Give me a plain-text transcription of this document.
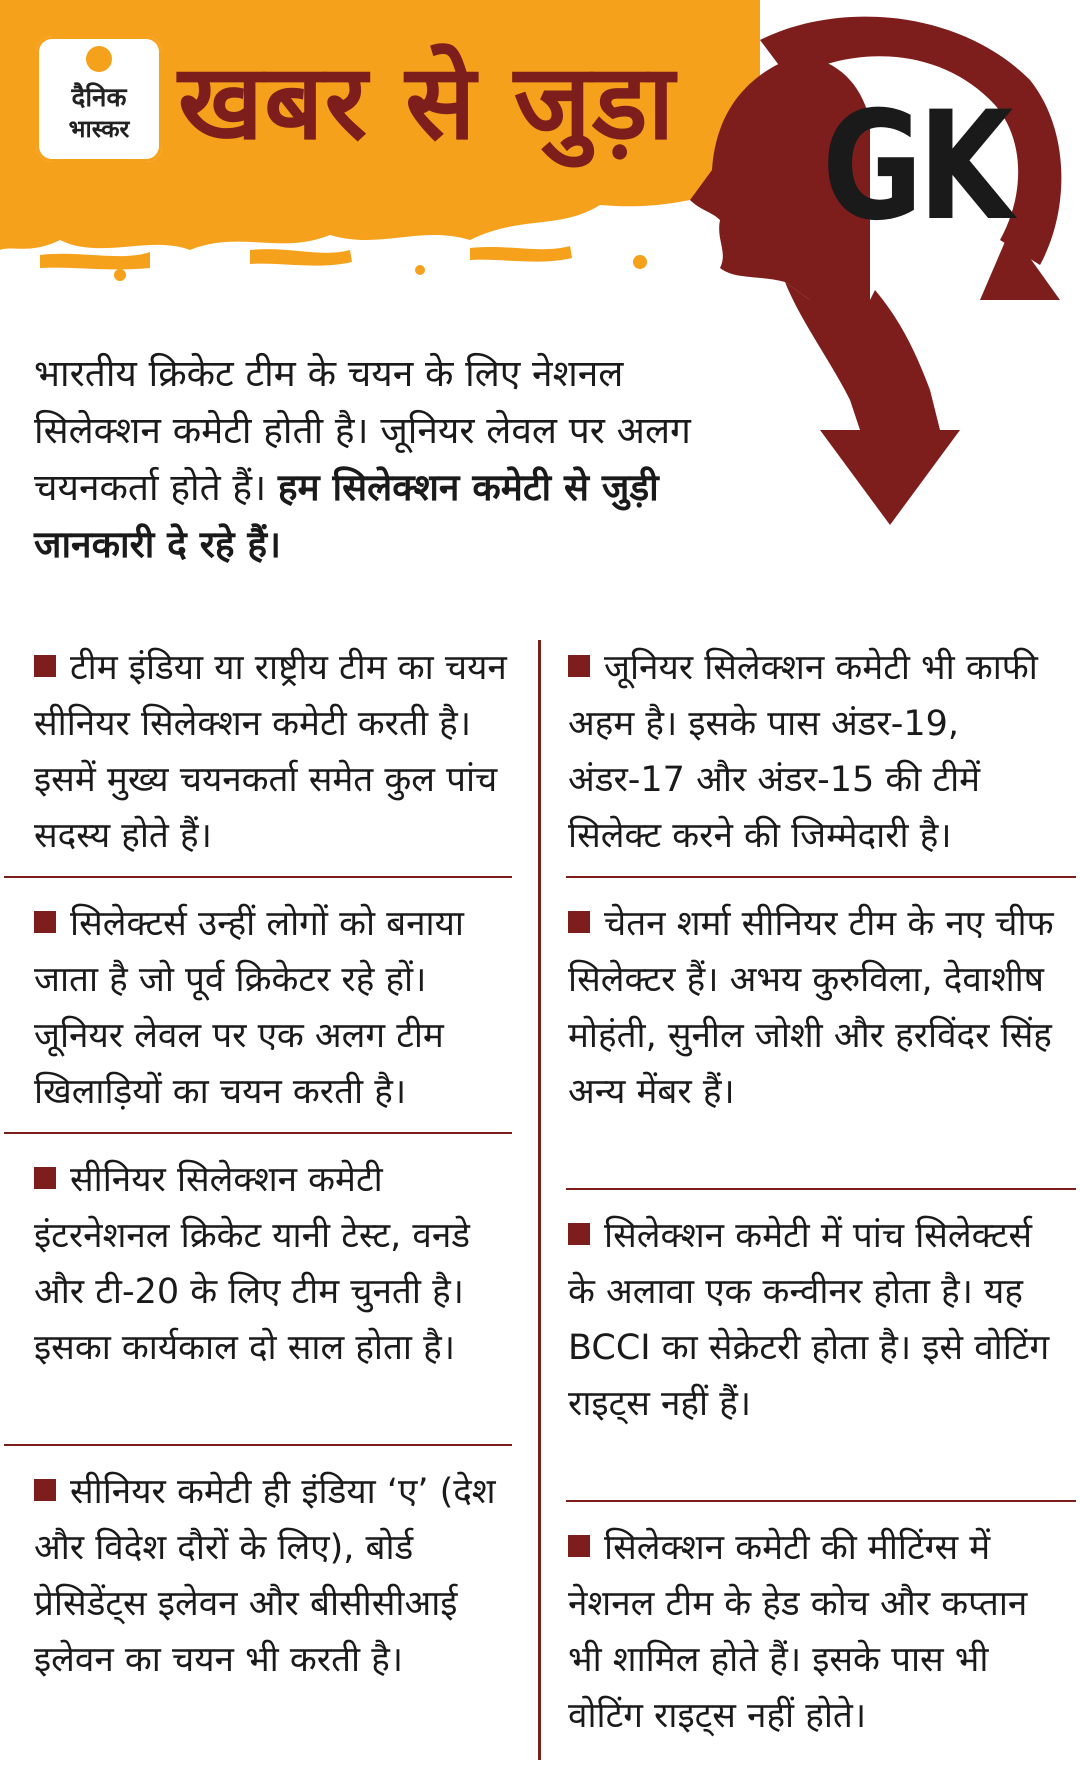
दैनिक
भास्कर खबर से जुड़ा GK
भारतीय क्रिकेट टीम के चयन के लिए नेशनल सिलेक्शन कमेटी होती है। जूनियर लेवल पर अलग चयनकर्ता होते हैं। हम सिलेक्शन कमेटी से जुड़ी जानकारी दे रहे हैं।
टीम इंडिया या राष्ट्रीय टीम का चयन सीनियर सिलेक्शन कमेटी करती है। इसमें मुख्य चयनकर्ता समेत कुल पांच सदस्य होते हैं।
सिलेक्टर्स उन्हीं लोगों को बनाया जाता है जो पूर्व क्रिकेटर रहे हों। जूनियर लेवल पर एक अलग टीम खिलाड़ियों का चयन करती है।
सीनियर सिलेक्शन कमेटी इंटरनेशनल क्रिकेट यानी टेस्ट, वनडे और टी-20 के लिए टीम चुनती है। इसका कार्यकाल दो साल होता है।
सीनियर कमेटी ही इंडिया ‘ए’ (देश और विदेश दौरों के लिए), बोर्ड प्रेसिडेंट्स इलेवन और बीसीसीआई इलेवन का चयन भी करती है।
जूनियर सिलेक्शन कमेटी भी काफी अहम है। इसके पास अंडर-19, अंडर-17 और अंडर-15 की टीमें सिलेक्ट करने की जिम्मेदारी है।
चेतन शर्मा सीनियर टीम के नए चीफ सिलेक्टर हैं। अभय कुरुविला, देवाशीष मोहंती, सुनील जोशी और हरविंदर सिंह अन्य मेंबर हैं।
सिलेक्शन कमेटी में पांच सिलेक्टर्स के अलावा एक कन्वीनर होता है। यह BCCI का सेक्रेटरी होता है। इसे वोटिंग राइट्स नहीं हैं।
सिलेक्शन कमेटी की मीटिंग्स में नेशनल टीम के हेड कोच और कप्तान भी शामिल होते हैं। इसके पास भी वोटिंग राइट्स नहीं होते।
